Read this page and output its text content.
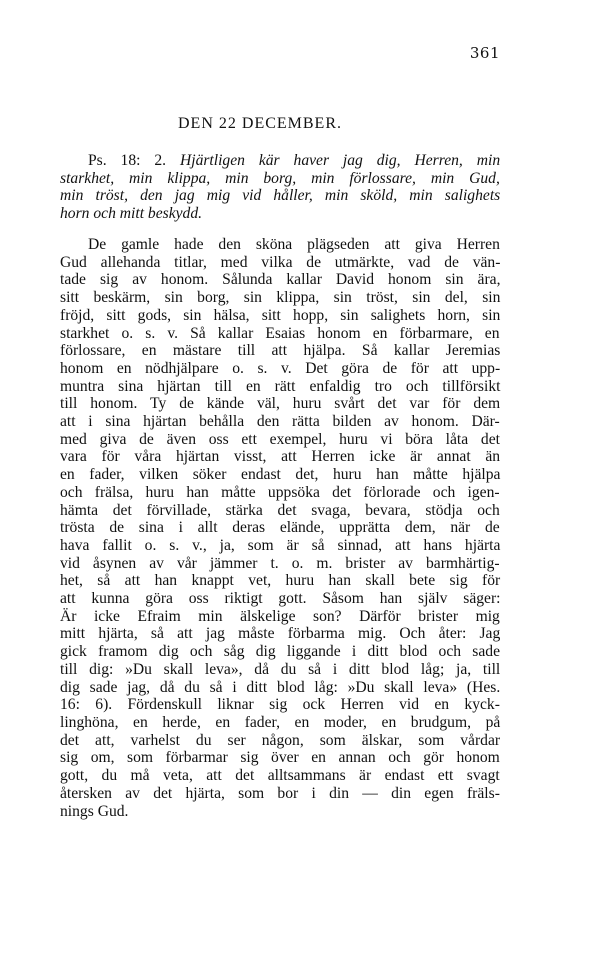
361
DEN 22 DECEMBER.
Ps. 18: 2. Hjärtligen kär haver jag dig, Herren, min
starkhet, min klippa, min borg, min förlossare, min Gud,
min tröst, den jag mig vid håller, min sköld, min salighets
horn och mitt beskydd.
De gamle hade den sköna plägseden att giva Herren
Gud allehanda titlar, med vilka de utmärkte, vad de vän-
tade sig av honom. Sålunda kallar David honom sin ära,
sitt beskärm, sin borg, sin klippa, sin tröst, sin del, sin
fröjd, sitt gods, sin hälsa, sitt hopp, sin salighets horn, sin
starkhet o. s. v. Så kallar Esaias honom en förbarmare, en
förlossare, en mästare till att hjälpa. Så kallar Jeremias
honom en nödhjälpare o. s. v. Det göra de för att upp-
muntra sina hjärtan till en rätt enfaldig tro och tillförsikt
till honom. Ty de kände väl, huru svårt det var för dem
att i sina hjärtan behålla den rätta bilden av honom. Där-
med giva de även oss ett exempel, huru vi böra låta det
vara för våra hjärtan visst, att Herren icke är annat än
en fader, vilken söker endast det, huru han måtte hjälpa
och frälsa, huru han måtte uppsöka det förlorade och igen-
hämta det förvillade, stärka det svaga, bevara, stödja och
trösta de sina i allt deras elände, upprätta dem, när de
hava fallit o. s. v., ja, som är så sinnad, att hans hjärta
vid åsynen av vår jämmer t. o. m. brister av barmhärtig-
het, så att han knappt vet, huru han skall bete sig för
att kunna göra oss riktigt gott. Såsom han själv säger:
Är icke Efraim min älskelige son? Därför brister mig
mitt hjärta, så att jag måste förbarma mig. Och åter: Jag
gick framom dig och såg dig liggande i ditt blod och sade
till dig: »Du skall leva», då du så i ditt blod låg; ja, till
dig sade jag, då du så i ditt blod låg: »Du skall leva» (Hes.
16: 6). Fördenskull liknar sig ock Herren vid en kyck-
linghöna, en herde, en fader, en moder, en brudgum, på
det att, varhelst du ser någon, som älskar, som vårdar
sig om, som förbarmar sig över en annan och gör honom
gott, du må veta, att det alltsammans är endast ett svagt
återsken av det hjärta, som bor i din — din egen fräls-
nings Gud.
